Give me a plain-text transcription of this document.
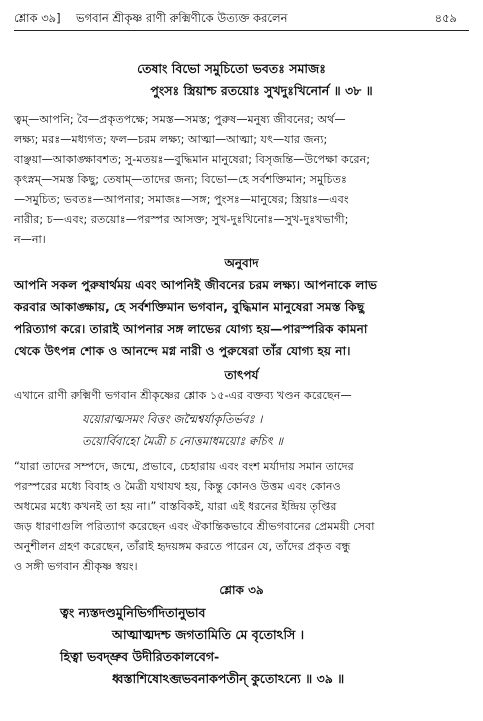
শ্লোক ৩৯] ভগবান শ্রীকৃষ্ণ রাণী রুক্মিণীকে উত্যক্ত করলেন	৪৫৯
তেষাং বিভো সমুচিতো ভবতঃ সমাজঃ
পুংসঃ স্ত্রিয়াশ্চ রতয়োঃ সুখদুঃখিনোর্ন ॥ ৩৮ ॥
ত্বম্—আপনি; বৈ—প্রকৃতপক্ষে; সমস্ত—সমস্ত; পুরুষ—মনুষ্য জীবনের; অর্থ—
লক্ষ্য; মরঃ—মধ্যগত; ফল—চরম লক্ষ্য; আত্মা—আত্মা; যৎ—যার জন্য;
বাঞ্ছয়া—আকাঙ্ক্ষাবশত; সু-মতয়ঃ—বুদ্ধিমান মানুষেরা; বিসৃজন্তি—উপেক্ষা করেন;
কৃৎস্নম্—সমস্ত কিছু; তেষাম্—তাদের জন্য; বিভো—হে সর্বশক্তিমান; সমুচিতঃ
—সমুচিত; ভবতঃ—আপনার; সমাজঃ—সঙ্গ; পুংসঃ—মানুষের; স্ত্রিয়াঃ—এবং
নারীর; চ—এবং; রতয়োঃ—পরস্পর আসক্ত; সুখ-দুঃখিনোঃ—সুখ-দুঃখভাগী;
ন—না।
অনুবাদ
আপনি সকল পুরুষার্থময় এবং আপনিই জীবনের চরম লক্ষ্য। আপনাকে লাভ
করবার আকাঙ্ক্ষায়, হে সর্বশক্তিমান ভগবান, বুদ্ধিমান মানুষেরা সমস্ত কিছু
পরিত্যাগ করে। তারাই আপনার সঙ্গ লাভের যোগ্য হয়—পারস্পরিক কামনা
থেকে উৎপন্ন শোক ও আনন্দে মগ্ন নারী ও পুরুষেরা তাঁর যোগ্য হয় না।
তাৎপর্য
এখানে রাণী রুক্মিণী ভগবান শ্রীকৃষ্ণের শ্লোক ১৫-এর বক্তব্য খণ্ডন করেছেন—
যয়োরাত্মসমং বিত্তং জন্মৈশ্বর্যাকৃতির্ভবঃ ।
তয়োর্বিবাহো মৈত্রী চ নোত্তমাধময়োঃ ক্বচিৎ ॥
“যারা তাদের সম্পদে, জন্মে, প্রভাবে, চেহারায় এবং বংশ মর্যাদায় সমান তাদের
পরস্পরের মধ্যে বিবাহ ও মৈত্রী যথাযথ হয়, কিন্তু কোনও উত্তম এবং কোনও
অধমের মধ্যে কখনই তা হয় না।” বাস্তবিকই, যারা এই ধরনের ইন্দ্রিয় তৃপ্তির
জড় ধারণাগুলি পরিত্যাগ করেছেন এবং ঐকান্তিকভাবে শ্রীভগবানের প্রেমময়ী সেবা
অনুশীলন গ্রহণ করেছেন, তাঁরাই হৃদয়ঙ্গম করতে পারেন যে, তাঁদের প্রকৃত বন্ধু
ও সঙ্গী ভগবান শ্রীকৃষ্ণ স্বয়ং।
শ্লোক ৩৯
ত্বং ন্যস্তদণ্ডমুনিভির্গদিতানুভাব
আত্মাত্মদশ্চ জগতামিতি মে বৃতোঽসি ।
হিত্বা ভবদ্ভ্রুব উদীরিতকালবেগ-
ধ্বস্তাশিষোঽব্জভবনাকপতীন্ কুতোঽন্যে ॥ ৩৯ ॥
